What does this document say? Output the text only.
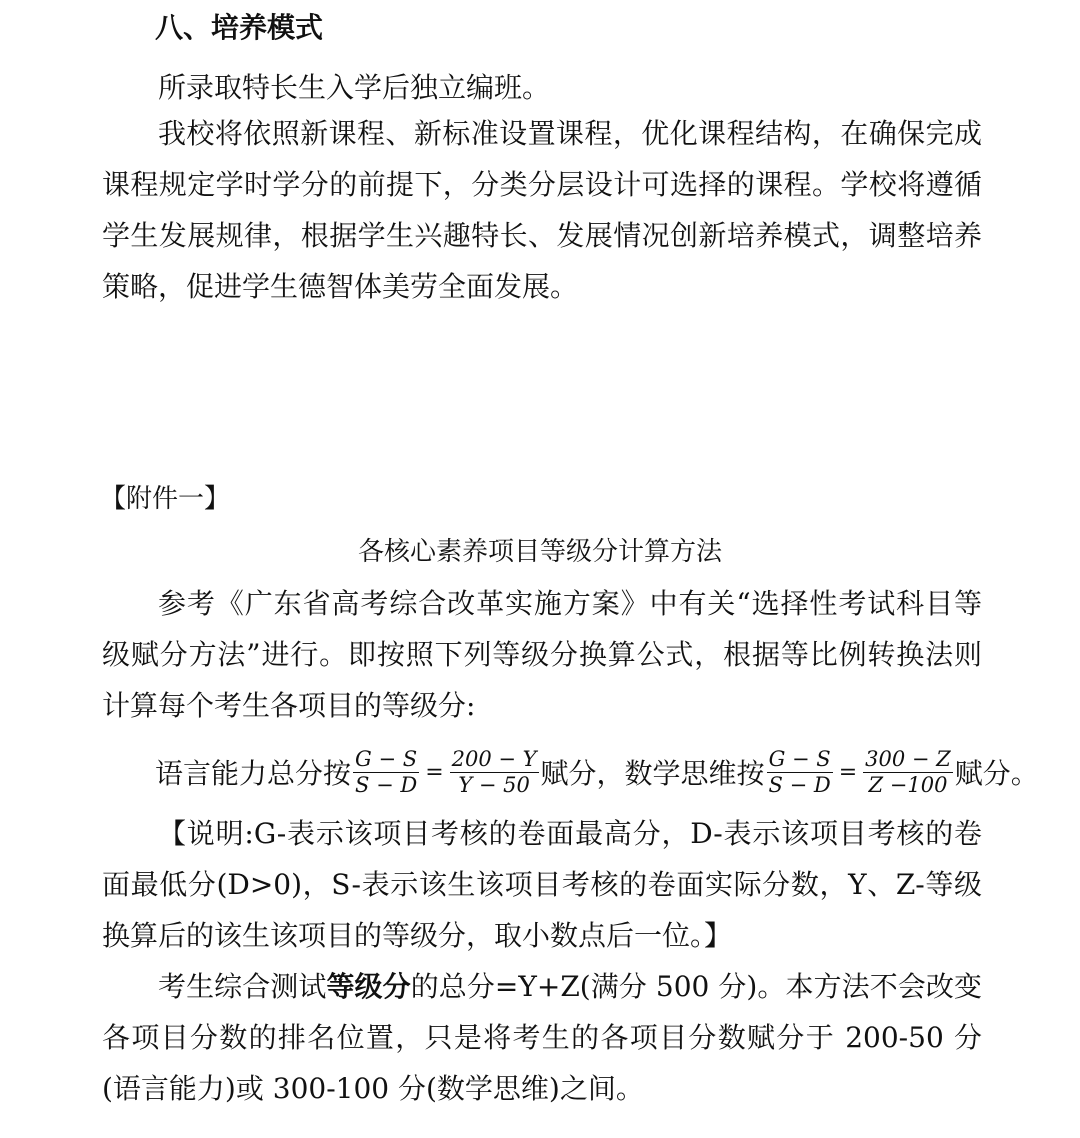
八、培养模式

所录取特长生入学后独立编班。

我校将依照新课程、新标准设置课程，优化课程结构，在确保完成课程规定学时学分的前提下，分类分层设计可选择的课程。学校将遵循学生发展规律，根据学生兴趣特长、发展情况创新培养模式，调整培养策略，促进学生德智体美劳全面发展。

【附件一】

各核心素养项目等级分计算方法

参考《广东省高考综合改革实施方案》中有关“选择性考试科目等级赋分方法”进行。即按照下列等级分换算公式，根据等比例转换法则计算每个考生各项目的等级分:

语言能力总分按 $\frac{G - S}{S - D} = \frac{200 - Y}{Y - 50}$ 赋分，数学思维按 $\frac{G - S}{S - D} = \frac{300 - Z}{Z -100}$ 赋分。

【说明:G-表示该项目考核的卷面最高分，D-表示该项目考核的卷面最低分(D>0)，S-表示该生该项目考核的卷面实际分数，Y、Z-等级换算后的该生该项目的等级分，取小数点后一位。】

考生综合测试等级分的总分=Y+Z(满分 500 分)。本方法不会改变各项目分数的排名位置，只是将考生的各项目分数赋分于 200-50 分(语言能力)或 300-100 分(数学思维)之间。
